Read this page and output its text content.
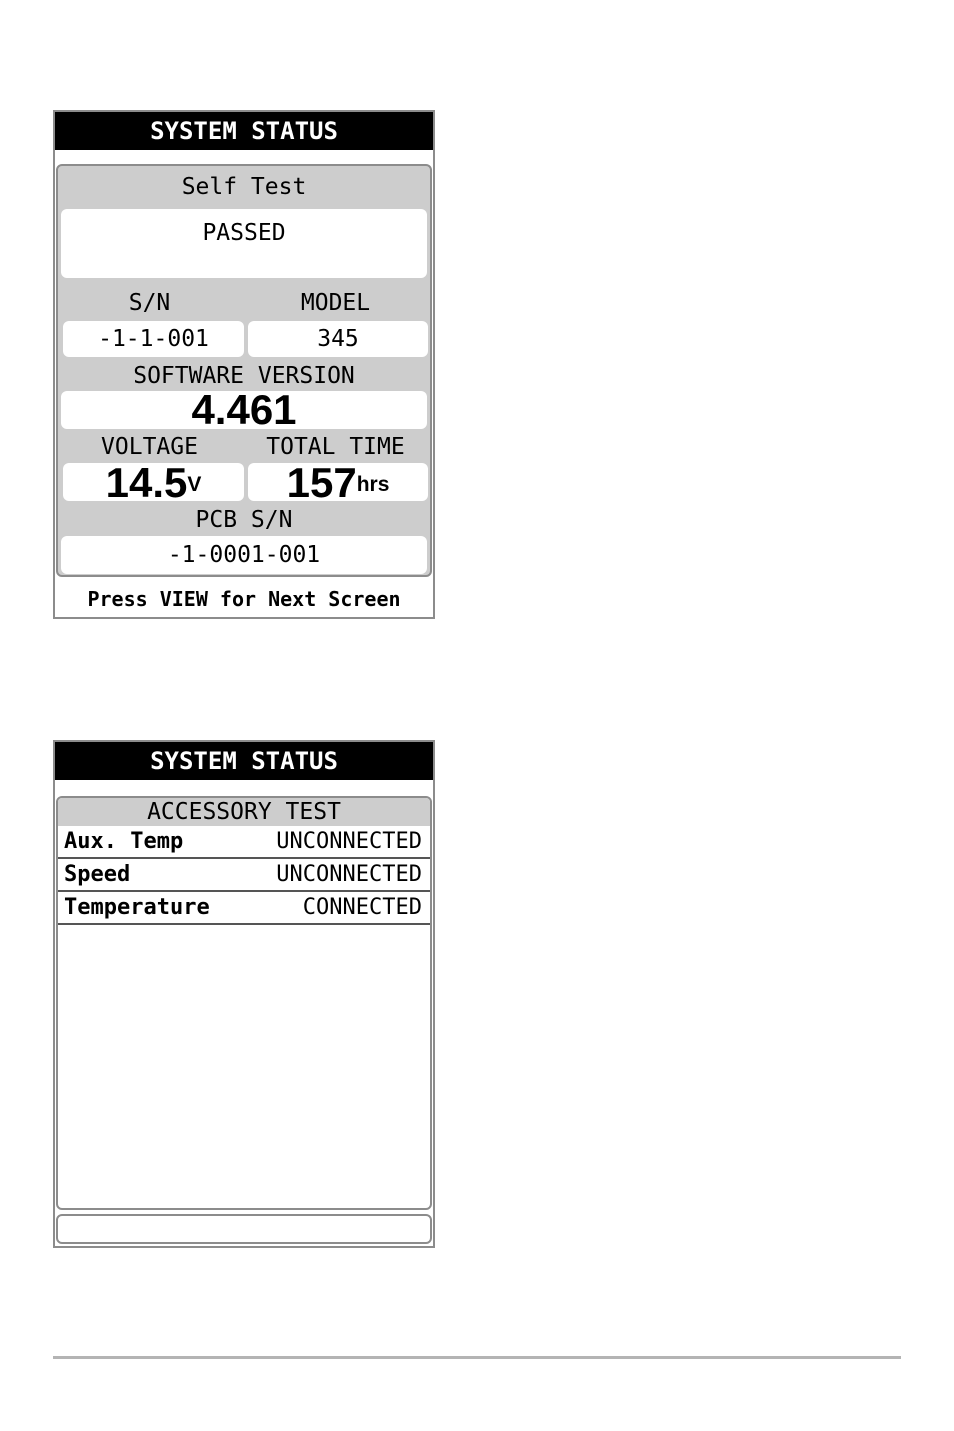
SYSTEM STATUS
Self Test
PASSED
S/N	MODEL
-1-1-001	345
SOFTWARE VERSION
4.461
VOLTAGE	TOTAL TIME
$14.5^V$	$157^{hrs}$
PCB S/N
-1-0001-001
Press VIEW for Next Screen
SYSTEM STATUS
ACCESSORY TEST
Aux. Temp	UNCONNECTED
Speed	UNCONNECTED
Temperature	CONNECTED
